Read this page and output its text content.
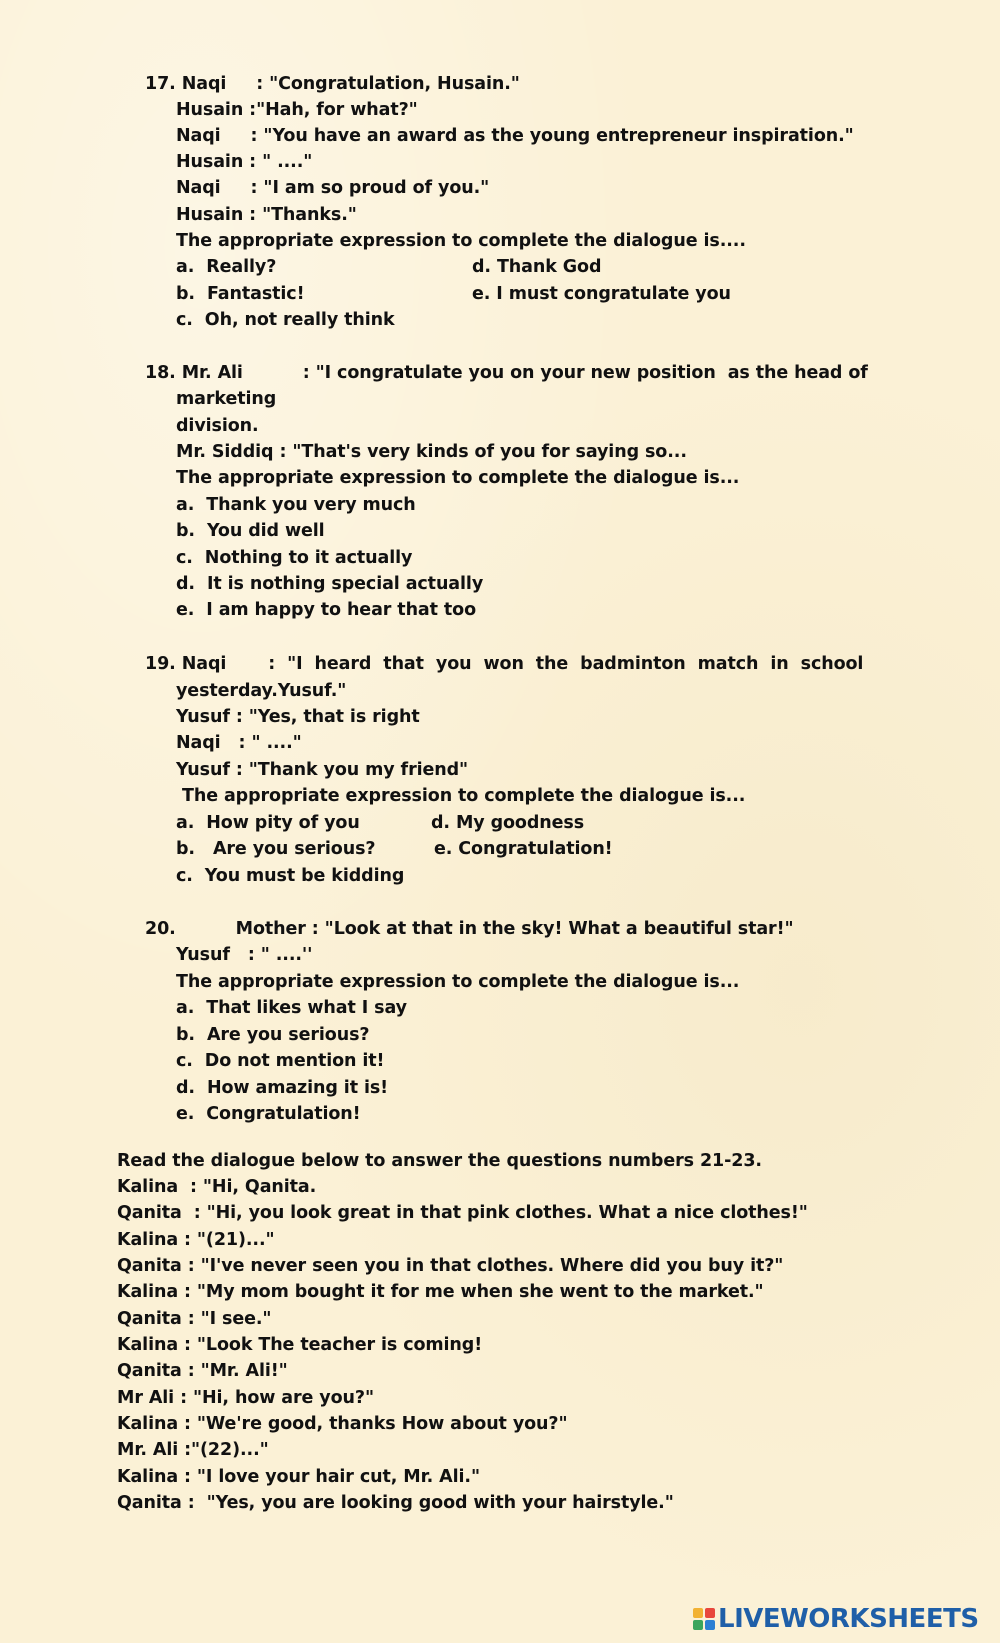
17. Naqi     : "Congratulation, Husain."
Husain :"Hah, for what?"
Naqi     : "You have an award as the young entrepreneur inspiration."
Husain : " ...."
Naqi     : "I am so proud of you."
Husain : "Thanks."
The appropriate expression to complete the dialogue is....
a.  Really?	d. Thank God
b.  Fantastic!	e. I must congratulate you
c.  Oh, not really think
18. Mr. Ali          : "I congratulate you on your new position  as the head of
marketing
division.
Mr. Siddiq : "That's very kinds of you for saying so...
The appropriate expression to complete the dialogue is...
a.  Thank you very much
b.  You did well
c.  Nothing to it actually
d.  It is nothing special actually
e.  I am happy to hear that too
19. Naqi       :  "I  heard  that  you  won  the  badminton  match  in  school
yesterday.Yusuf."
Yusuf : "Yes, that is right
Naqi   : " ...."
Yusuf : "Thank you my friend"
The appropriate expression to complete the dialogue is...
a.  How pity of you	d. My goodness
b.   Are you serious?	e. Congratulation!
c.  You must be kidding
20.          Mother : "Look at that in the sky! What a beautiful star!"
Yusuf   : " ....''
The appropriate expression to complete the dialogue is...
a.  That likes what I say
b.  Are you serious?
c.  Do not mention it!
d.  How amazing it is!
e.  Congratulation!
Read the dialogue below to answer the questions numbers 21-23.
Kalina  : "Hi, Qanita.
Qanita  : "Hi, you look great in that pink clothes. What a nice clothes!"
Kalina : "(21)..."
Qanita : "I've never seen you in that clothes. Where did you buy it?"
Kalina : "My mom bought it for me when she went to the market."
Qanita : "I see."
Kalina : "Look The teacher is coming!
Qanita : "Mr. Ali!"
Mr Ali : "Hi, how are you?"
Kalina : "We're good, thanks How about you?"
Mr. Ali :"(22)..."
Kalina : "I love your hair cut, Mr. Ali."
Qanita :  "Yes, you are looking good with your hairstyle."
LIVEWORKSHEETS
